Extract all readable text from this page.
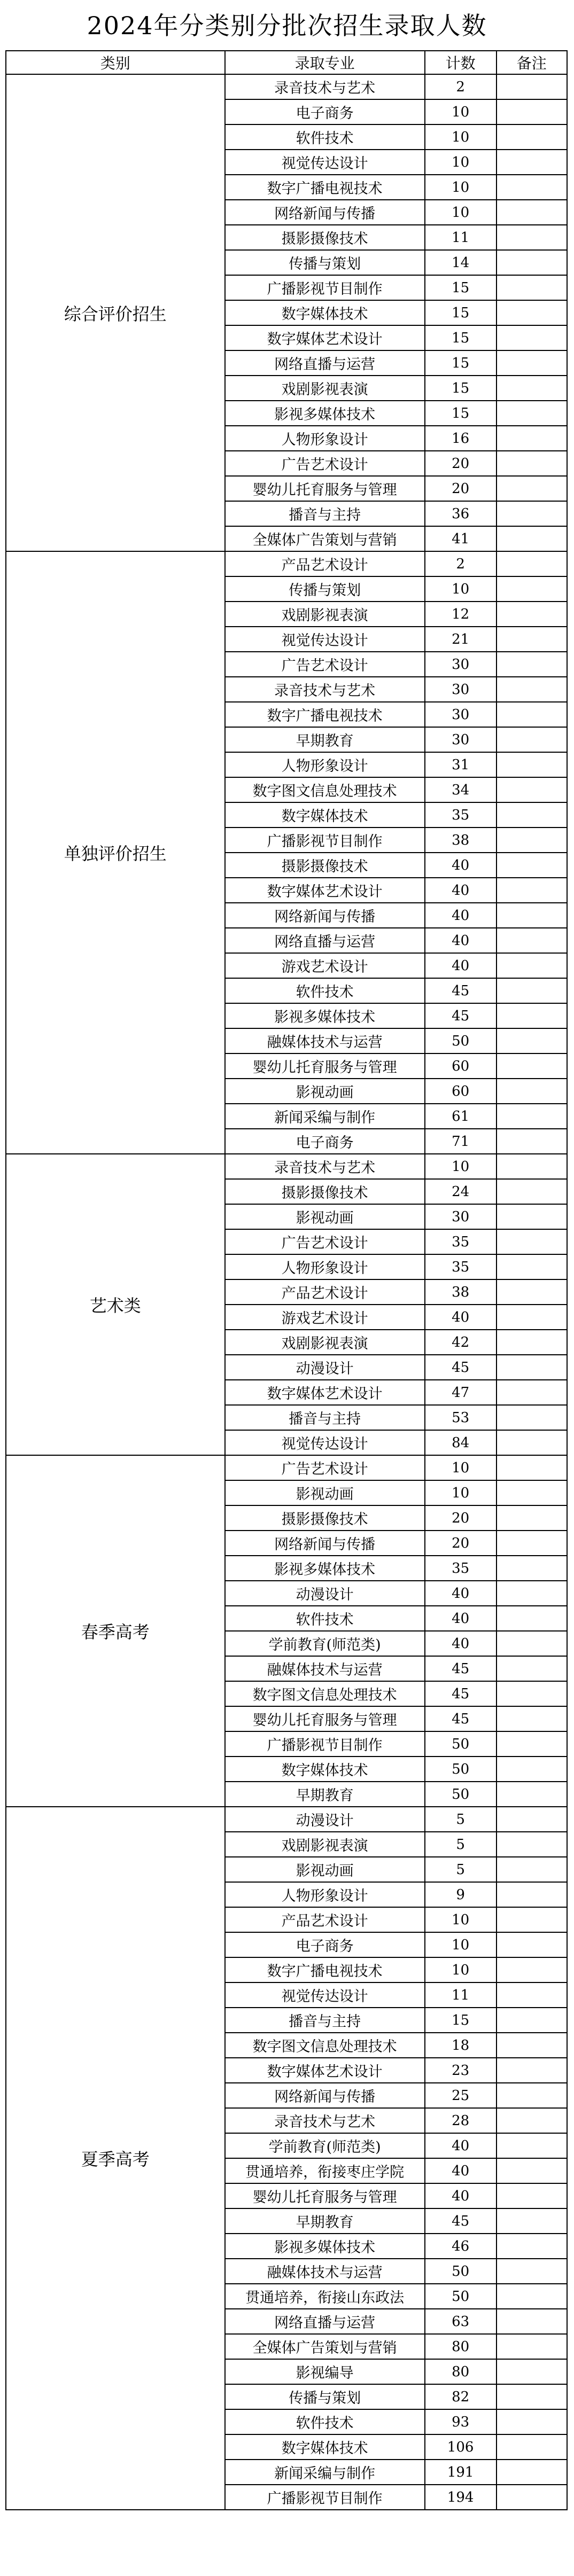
2024年分类别分批次招生录取人数
类别	录取专业	计数	备注
综合评价招生	录音技术与艺术	2	
	电子商务	10	
	软件技术	10	
	视觉传达设计	10	
	数字广播电视技术	10	
	网络新闻与传播	10	
	摄影摄像技术	11	
	传播与策划	14	
	广播影视节目制作	15	
	数字媒体技术	15	
	数字媒体艺术设计	15	
	网络直播与运营	15	
	戏剧影视表演	15	
	影视多媒体技术	15	
	人物形象设计	16	
	广告艺术设计	20	
	婴幼儿托育服务与管理	20	
	播音与主持	36	
	全媒体广告策划与营销	41	
单独评价招生	产品艺术设计	2	
	传播与策划	10	
	戏剧影视表演	12	
	视觉传达设计	21	
	广告艺术设计	30	
	录音技术与艺术	30	
	数字广播电视技术	30	
	早期教育	30	
	人物形象设计	31	
	数字图文信息处理技术	34	
	数字媒体技术	35	
	广播影视节目制作	38	
	摄影摄像技术	40	
	数字媒体艺术设计	40	
	网络新闻与传播	40	
	网络直播与运营	40	
	游戏艺术设计	40	
	软件技术	45	
	影视多媒体技术	45	
	融媒体技术与运营	50	
	婴幼儿托育服务与管理	60	
	影视动画	60	
	新闻采编与制作	61	
	电子商务	71	
艺术类	录音技术与艺术	10	
	摄影摄像技术	24	
	影视动画	30	
	广告艺术设计	35	
	人物形象设计	35	
	产品艺术设计	38	
	游戏艺术设计	40	
	戏剧影视表演	42	
	动漫设计	45	
	数字媒体艺术设计	47	
	播音与主持	53	
	视觉传达设计	84	
春季高考	广告艺术设计	10	
	影视动画	10	
	摄影摄像技术	20	
	网络新闻与传播	20	
	影视多媒体技术	35	
	动漫设计	40	
	软件技术	40	
	学前教育(师范类)	40	
	融媒体技术与运营	45	
	数字图文信息处理技术	45	
	婴幼儿托育服务与管理	45	
	广播影视节目制作	50	
	数字媒体技术	50	
	早期教育	50	
夏季高考	动漫设计	5	
	戏剧影视表演	5	
	影视动画	5	
	人物形象设计	9	
	产品艺术设计	10	
	电子商务	10	
	数字广播电视技术	10	
	视觉传达设计	11	
	播音与主持	15	
	数字图文信息处理技术	18	
	数字媒体艺术设计	23	
	网络新闻与传播	25	
	录音技术与艺术	28	
	学前教育(师范类)	40	
	贯通培养，衔接枣庄学院	40	
	婴幼儿托育服务与管理	40	
	早期教育	45	
	影视多媒体技术	46	
	融媒体技术与运营	50	
	贯通培养，衔接山东政法	50	
	网络直播与运营	63	
	全媒体广告策划与营销	80	
	影视编导	80	
	传播与策划	82	
	软件技术	93	
	数字媒体技术	106	
	新闻采编与制作	191	
	广播影视节目制作	194	
